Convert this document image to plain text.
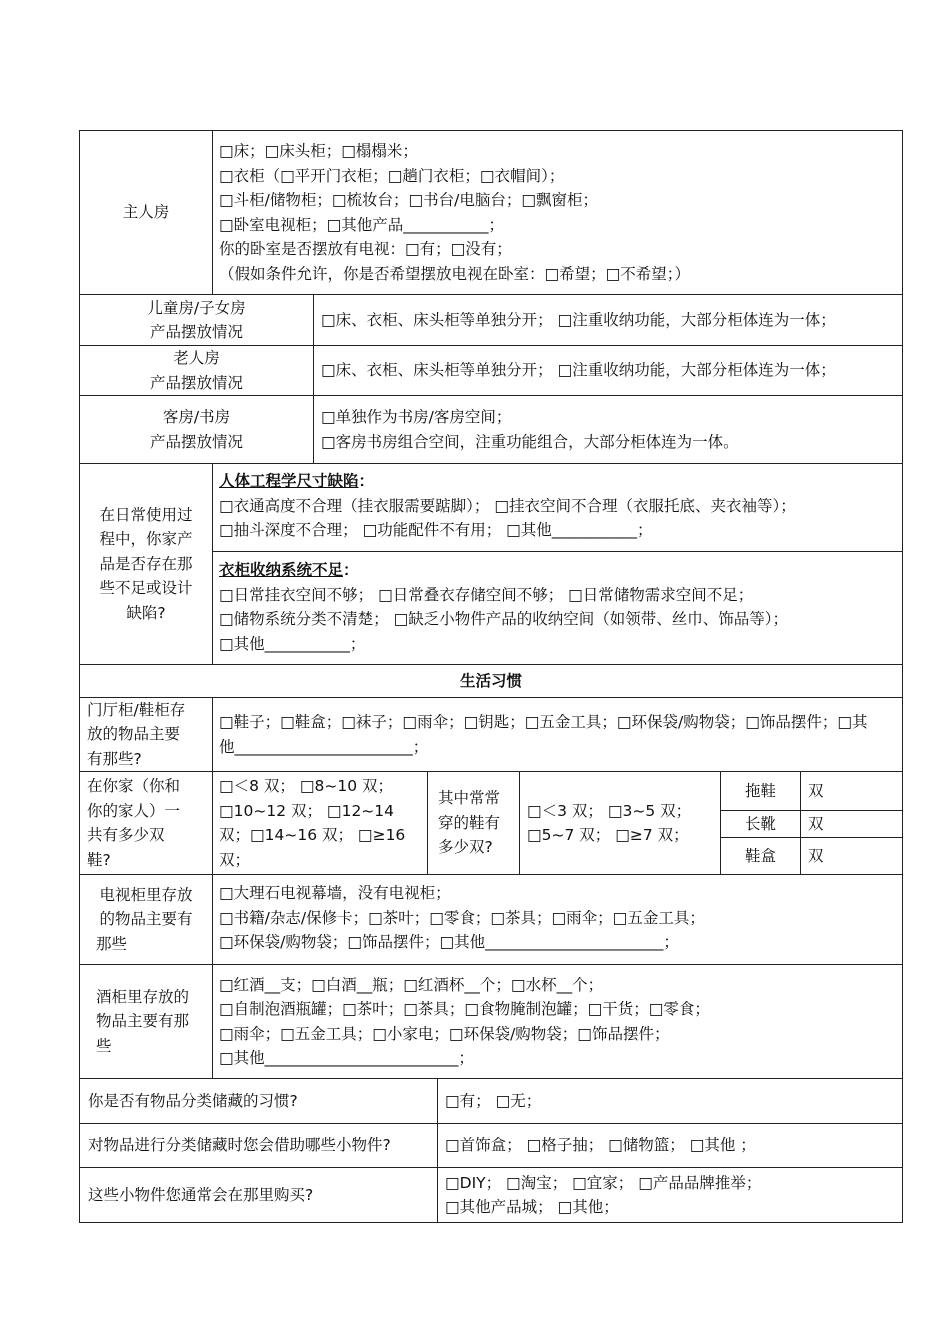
主人房
□床；□床头柜；□榻榻米；
□衣柜（□平开门衣柜；□趟门衣柜；□衣帽间）；
□斗柜/储物柜；□梳妆台；□书台/电脑台；□飘窗柜；
□卧室电视柜；□其他产品___________；
你的卧室是否摆放有电视：□有；□没有；
（假如条件允许，你是否希望摆放电视在卧室：□希望；□不希望；）
儿童房/子女房
产品摆放情况
□床、衣柜、床头柜等单独分开； □注重收纳功能，大部分柜体连为一体；
老人房
产品摆放情况
□床、衣柜、床头柜等单独分开； □注重收纳功能，大部分柜体连为一体；
客房/书房
产品摆放情况
□单独作为书房/客房空间；
□客房书房组合空间，注重功能组合，大部分柜体连为一体。
在日常使用过
程中，你家产
品是否存在那
些不足或设计
缺陷?
人体工程学尺寸缺陷：
□衣通高度不合理（挂衣服需要踮脚）； □挂衣空间不合理（衣服托底、夹衣袖等）；
□抽斗深度不合理； □功能配件不有用； □其他___________；
衣柜收纳系统不足：
□日常挂衣空间不够； □日常叠衣存储空间不够； □日常储物需求空间不足；
□储物系统分类不清楚； □缺乏小物件产品的收纳空间（如领带、丝巾、饰品等）；
□其他___________；
生活习惯
门厅柜/鞋柜存
放的物品主要
有那些?
□鞋子；□鞋盒；□袜子；□雨伞；□钥匙；□五金工具；□环保袋/购物袋；□饰品摆件；□其
他_______________________；
在你家（你和
你的家人）一
共有多少双
鞋?
□＜8 双； □8~10 双；
□10~12 双； □12~14
双；□14~16 双； □≥16
双；
其中常常
穿的鞋有
多少双?
□＜3 双； □3~5 双；
□5~7 双； □≥7 双；
拖鞋 双
长靴 双
鞋盒 双
电视柜里存放
的物品主要有
那些
□大理石电视幕墙，没有电视柜；
□书籍/杂志/保修卡；□茶叶；□零食；□茶具；□雨伞；□五金工具；
□环保袋/购物袋；□饰品摆件；□其他_______________________；
酒柜里存放的
物品主要有那
些
□红酒__支；□白酒__瓶；□红酒杯__个；□水杯__个；
□自制泡酒瓶罐；□茶叶；□茶具；□食物腌制泡罐；□干货；□零食；
□雨伞；□五金工具；□小家电；□环保袋/购物袋；□饰品摆件；
□其他_________________________；
你是否有物品分类储藏的习惯?	□有； □无；
对物品进行分类储藏时您会借助哪些小物件?	□首饰盒； □格子抽； □储物篮； □其他 ；
这些小物件您通常会在那里购买?
□DIY； □淘宝； □宜家； □产品品牌推举；
□其他产品城； □其他；
